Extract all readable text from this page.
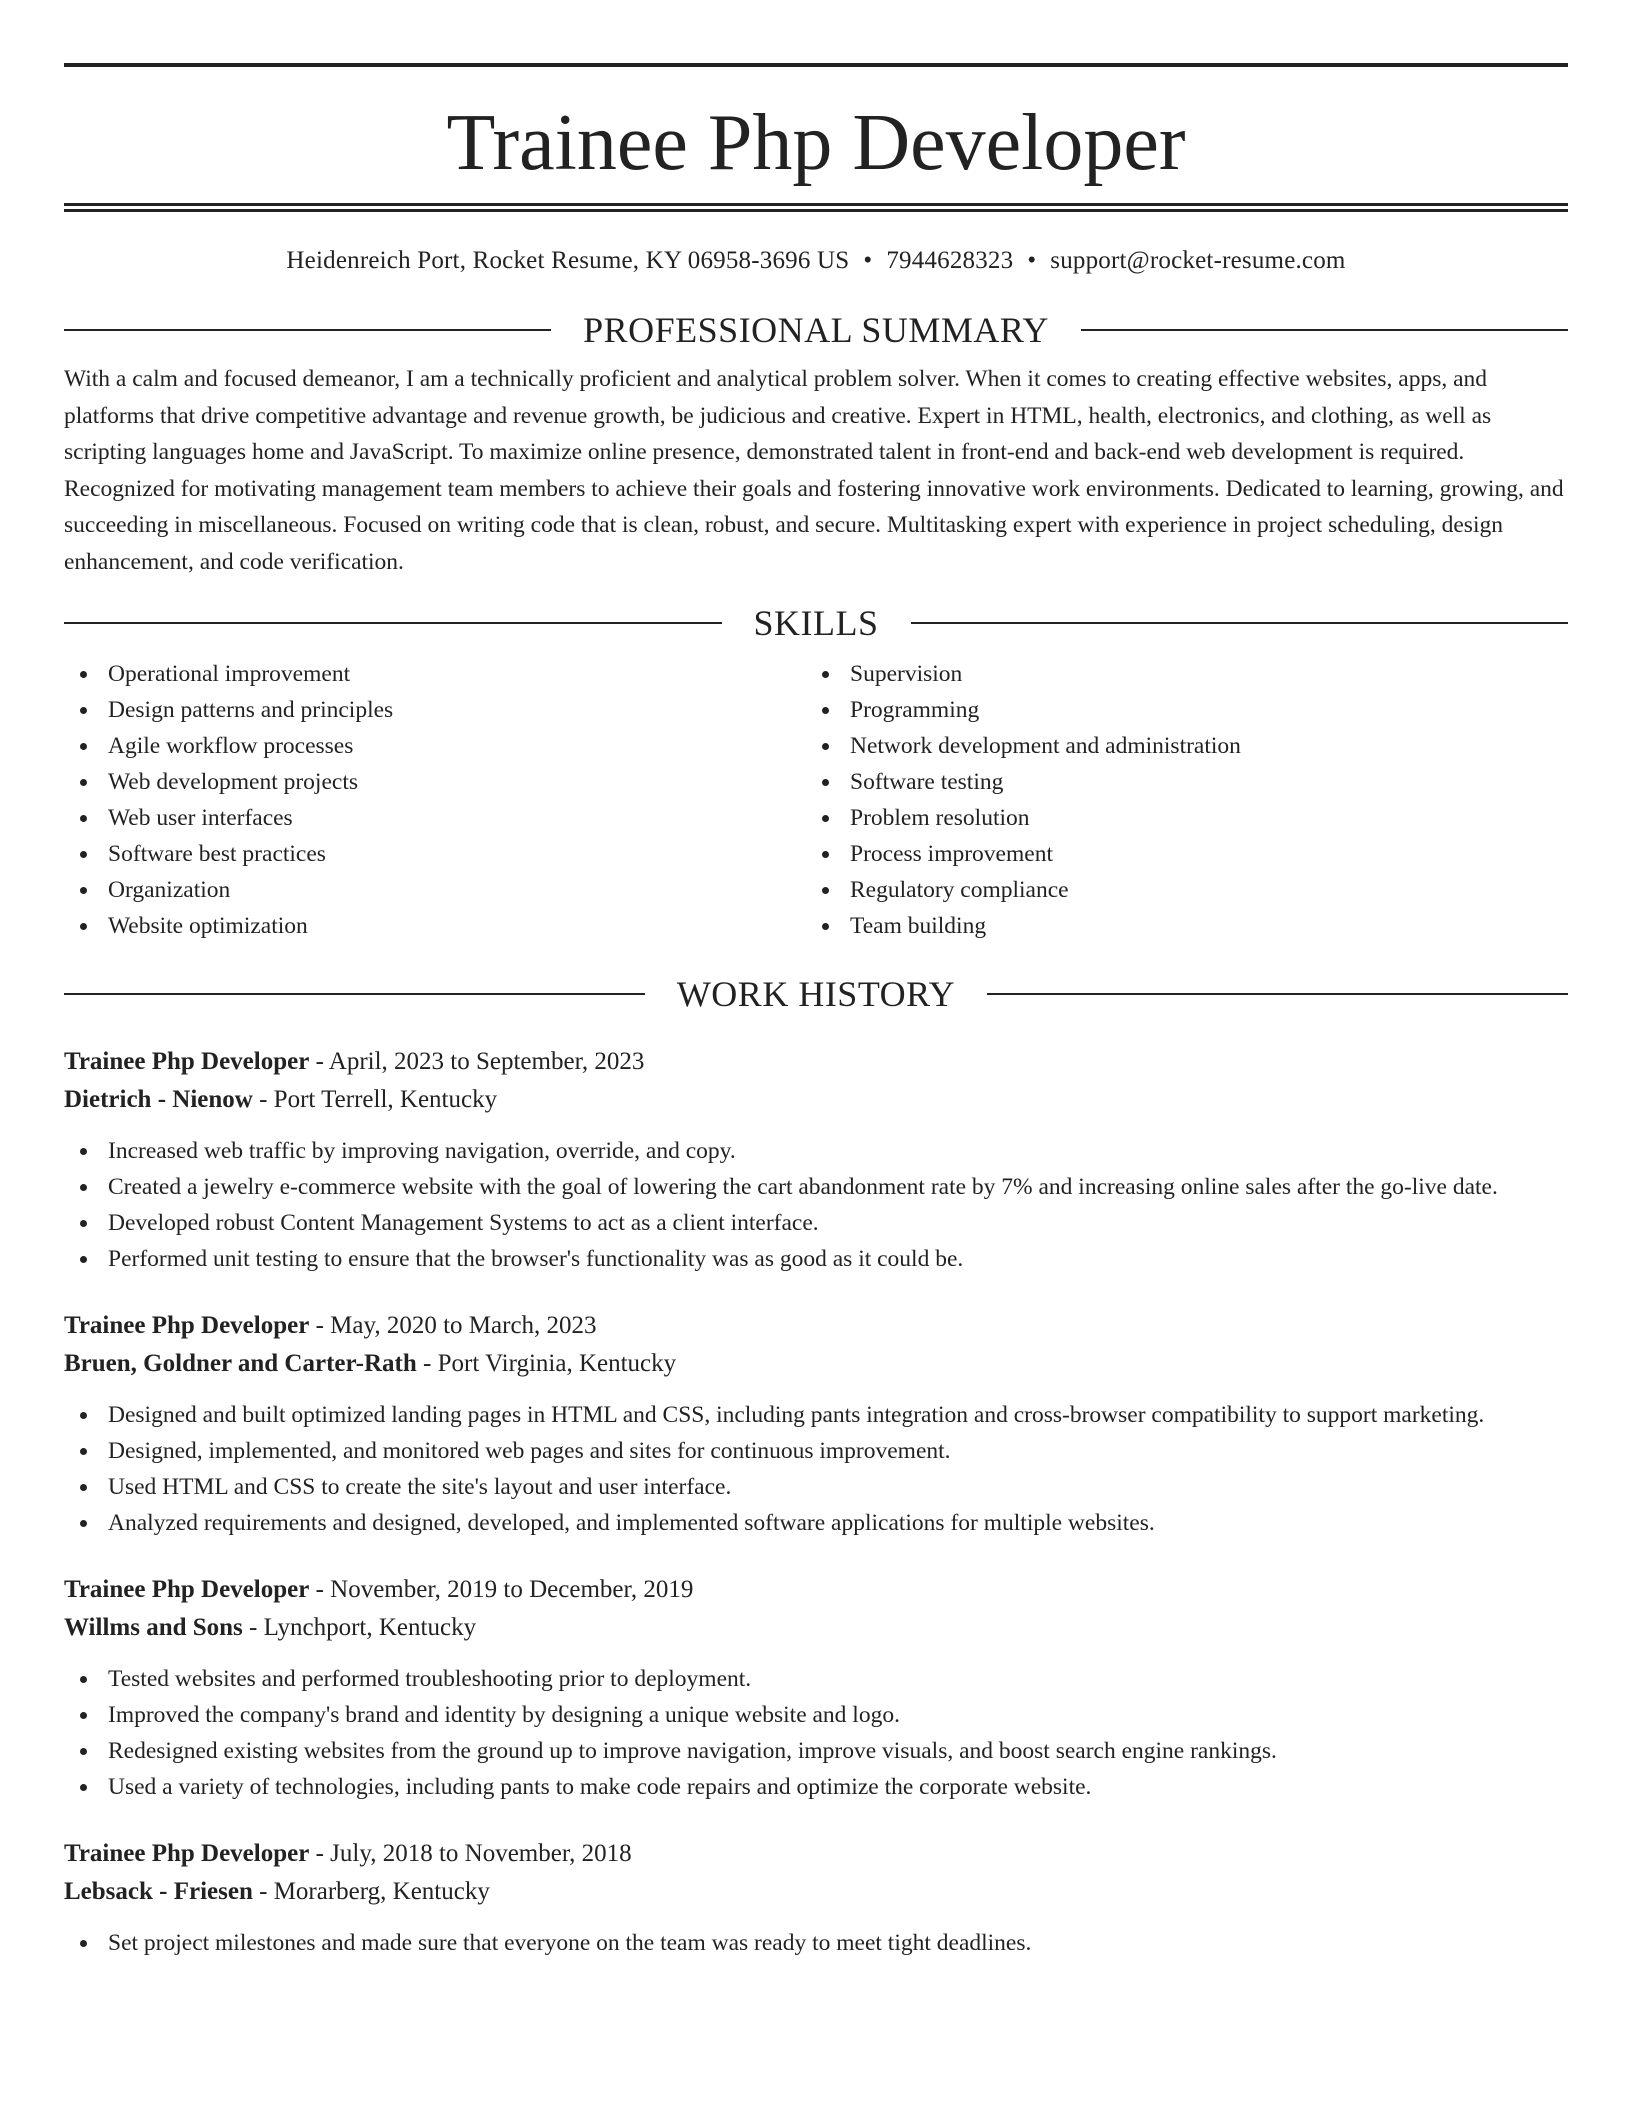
Trainee Php Developer
Heidenreich Port, Rocket Resume, KY 06958-3696 US • 7944628323 • support@rocket-resume.com
PROFESSIONAL SUMMARY
With a calm and focused demeanor, I am a technically proficient and analytical problem solver. When it comes to creating effective websites, apps, and platforms that drive competitive advantage and revenue growth, be judicious and creative. Expert in HTML, health, electronics, and clothing, as well as scripting languages home and JavaScript. To maximize online presence, demonstrated talent in front-end and back-end web development is required. Recognized for motivating management team members to achieve their goals and fostering innovative work environments. Dedicated to learning, growing, and succeeding in miscellaneous. Focused on writing code that is clean, robust, and secure. Multitasking expert with experience in project scheduling, design enhancement, and code verification.
SKILLS
Operational improvement
Design patterns and principles
Agile workflow processes
Web development projects
Web user interfaces
Software best practices
Organization
Website optimization
Supervision
Programming
Network development and administration
Software testing
Problem resolution
Process improvement
Regulatory compliance
Team building
WORK HISTORY
Trainee Php Developer - April, 2023 to September, 2023
Dietrich - Nienow - Port Terrell, Kentucky
Increased web traffic by improving navigation, override, and copy.
Created a jewelry e-commerce website with the goal of lowering the cart abandonment rate by 7% and increasing online sales after the go-live date.
Developed robust Content Management Systems to act as a client interface.
Performed unit testing to ensure that the browser's functionality was as good as it could be.
Trainee Php Developer - May, 2020 to March, 2023
Bruen, Goldner and Carter-Rath - Port Virginia, Kentucky
Designed and built optimized landing pages in HTML and CSS, including pants integration and cross-browser compatibility to support marketing.
Designed, implemented, and monitored web pages and sites for continuous improvement.
Used HTML and CSS to create the site's layout and user interface.
Analyzed requirements and designed, developed, and implemented software applications for multiple websites.
Trainee Php Developer - November, 2019 to December, 2019
Willms and Sons - Lynchport, Kentucky
Tested websites and performed troubleshooting prior to deployment.
Improved the company's brand and identity by designing a unique website and logo.
Redesigned existing websites from the ground up to improve navigation, improve visuals, and boost search engine rankings.
Used a variety of technologies, including pants to make code repairs and optimize the corporate website.
Trainee Php Developer - July, 2018 to November, 2018
Lebsack - Friesen - Morarberg, Kentucky
Set project milestones and made sure that everyone on the team was ready to meet tight deadlines.
